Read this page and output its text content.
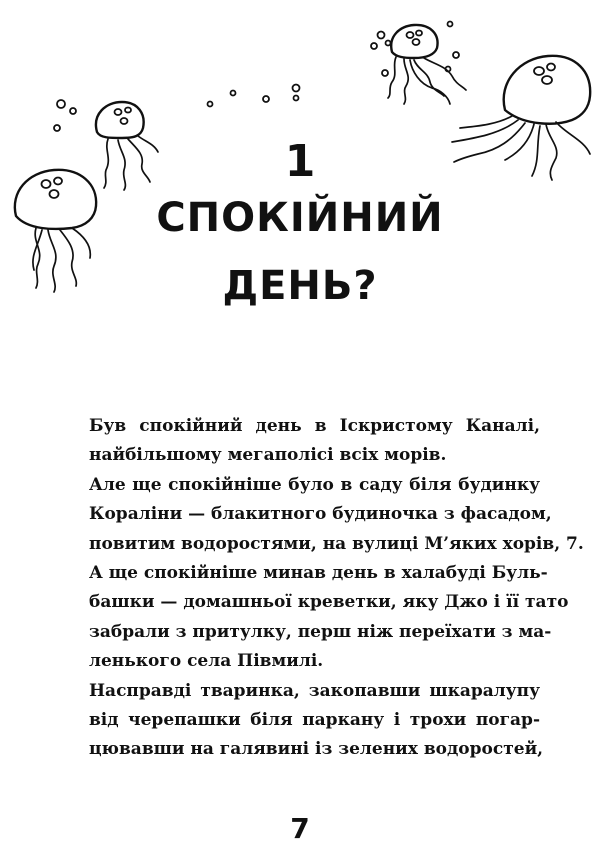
1
СПОКІЙНИЙ
ДЕНЬ?
Був спокійний день в Іскристому Каналі,
найбільшому мегаполісі всіх морів.
Але ще спокійніше було в саду біля будинку
Кораліни — блакитного будиночка з фасадом,
повитим водоростями, на вулиці М’яких хорів, 7.
А ще спокійніше минав день в халабуді Буль-
башки — домашньої креветки, яку Джо і її тато
забрали з притулку, перш ніж переїхати з ма-
ленького села Півмилі.
Насправді тваринка, закопавши шкаралупу
від черепашки біля паркану і трохи погар-
цювавши на галявині із зелених водоростей,
7
